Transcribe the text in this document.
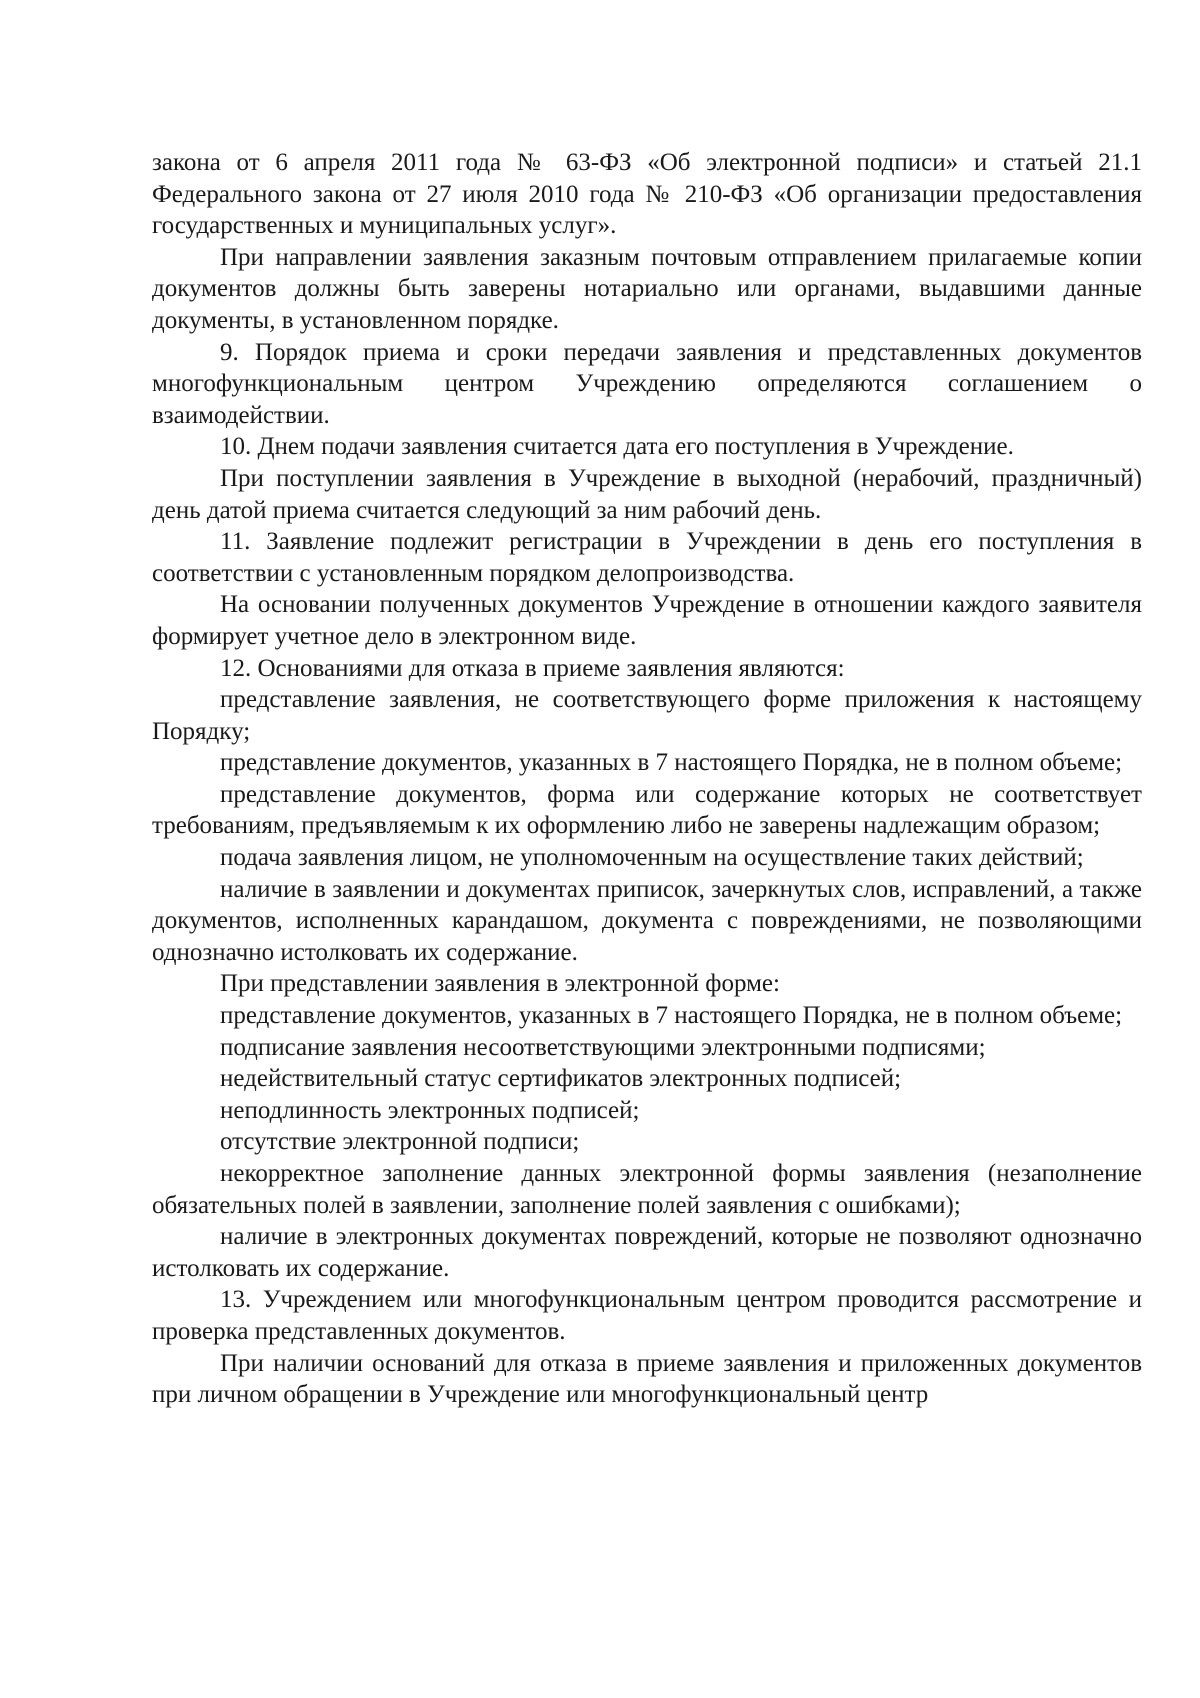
закона от 6 апреля 2011 года № 63-ФЗ «Об электронной подписи» и статьей 21.1 Федерального закона от 27 июля 2010 года № 210-ФЗ «Об организации предоставления государственных и муниципальных услуг».

При направлении заявления заказным почтовым отправлением прилагаемые копии документов должны быть заверены нотариально или органами, выдавшими данные документы, в установленном порядке.

9. Порядок приема и сроки передачи заявления и представленных документов многофункциональным центром Учреждению определяются соглашением о взаимодействии.

10. Днем подачи заявления считается дата его поступления в Учреждение.

При поступлении заявления в Учреждение в выходной (нерабочий, праздничный) день датой приема считается следующий за ним рабочий день.

11. Заявление подлежит регистрации в Учреждении в день его поступления в соответствии с установленным порядком делопроизводства.

На основании полученных документов Учреждение в отношении каждого заявителя формирует учетное дело в электронном виде.

12. Основаниями для отказа в приеме заявления являются:

представление заявления, не соответствующего форме приложения к настоящему Порядку;

представление документов, указанных в 7 настоящего Порядка, не в полном объеме;

представление документов, форма или содержание которых не соответствует требованиям, предъявляемым к их оформлению либо не заверены надлежащим образом;

подача заявления лицом, не уполномоченным на осуществление таких действий;

наличие в заявлении и документах приписок, зачеркнутых слов, исправлений, а также документов, исполненных карандашом, документа с повреждениями, не позволяющими однозначно истолковать их содержание.

При представлении заявления в электронной форме:

представление документов, указанных в 7 настоящего Порядка, не в полном объеме;

подписание заявления несоответствующими электронными подписями;

недействительный статус сертификатов электронных подписей;

неподлинность электронных подписей;

отсутствие электронной подписи;

некорректное заполнение данных электронной формы заявления (незаполнение обязательных полей в заявлении, заполнение полей заявления с ошибками);

наличие в электронных документах повреждений, которые не позволяют однозначно истолковать их содержание.

13. Учреждением или многофункциональным центром проводится рассмотрение и проверка представленных документов.

При наличии оснований для отказа в приеме заявления и приложенных документов при личном обращении в Учреждение или многофункциональный центр
